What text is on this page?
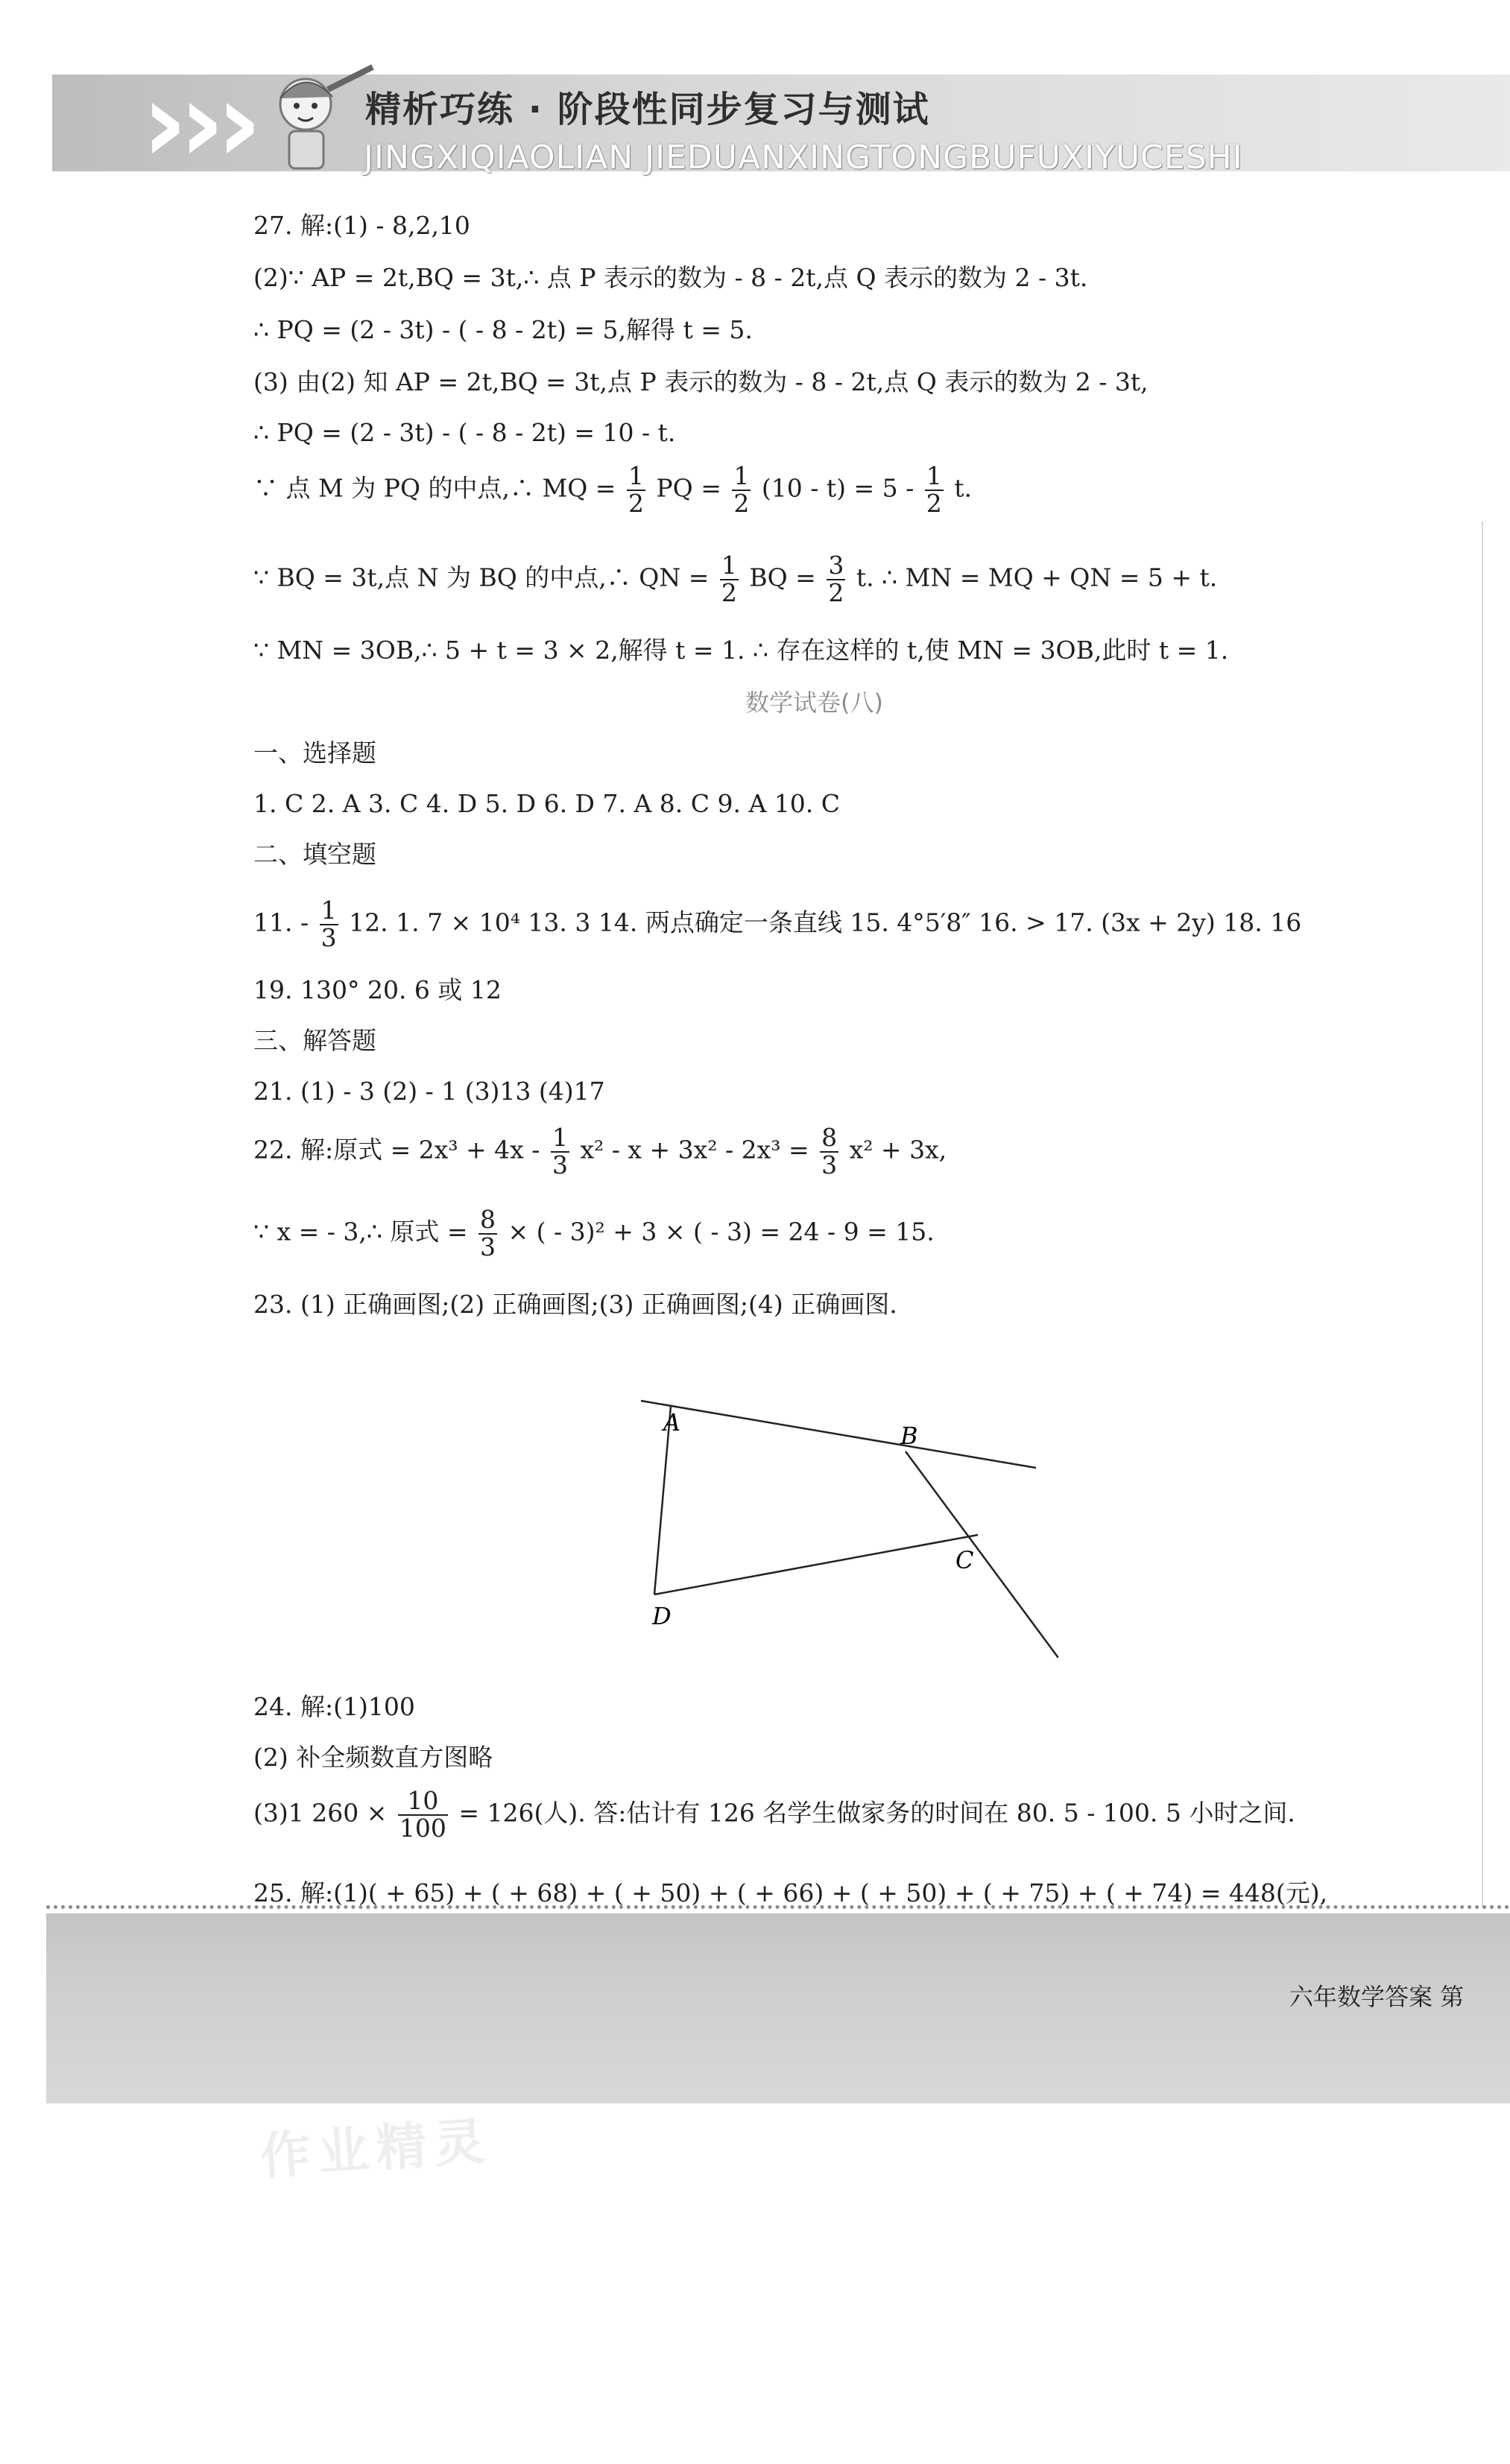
›
›
›	精析巧练 · 阶段性同步复习与测试
JINGXIQIAOLIAN JIEDUANXINGTONGBUFUXIYUCESHI
27. 解:(1) - 8,2,10
(2)∵ AP = 2t,BQ = 3t,∴ 点 P 表示的数为 - 8 - 2t,点 Q 表示的数为 2 - 3t.
∴ PQ = (2 - 3t) - ( - 8 - 2t) = 5,解得 t = 5.
(3) 由(2) 知 AP = 2t,BQ = 3t,点 P 表示的数为 - 8 - 2t,点 Q 表示的数为 2 - 3t,
∴ PQ = (2 - 3t) - ( - 8 - 2t) = 10 - t.
∵ 点 M 为 PQ 的中点,∴ MQ = $\frac{1}{2}$ PQ = $\frac{1}{2} (10 - t) = 5 - \frac{1}{2} t$.
∵ BQ = 3t,点 N 为 BQ 的中点,∴ QN = $\frac{1}{2}$ BQ = $\frac{3}{2} t$. ∴ MN = MQ + QN = 5 + t.
∵ MN = 3OB,∴ 5 + t = 3 × 2,解得 t = 1. ∴ 存在这样的 t,使 MN = 3OB,此时 t = 1.
数学试卷(八)
一、选择题
1. C 2. A 3. C 4. D 5. D 6. D 7. A 8. C 9. A 10. C
二、填空题
11. - $\frac{1}{3} 12$. 1. 7 × 10⁴ 13. 3 14. 两点确定一条直线 15. 4°5′8″ 16. > 17. (3x + 2y) 18. 16
19. 130° 20. 6 或 12
三、解答题
21. (1) - 3 (2) - 1 (3)13 (4)17
22. 解:原式 = $2x^3 + 4x - \frac{1}{3} x^2 - x + 3x^2 - 2x^3 = \frac{8}{3} x^2 + 3x$,
∵ x = - 3,∴ 原式 = $\frac{8}{3}$ × ( - 3)² + 3 × ( - 3) = 24 - 9 = 15.
23. (1) 正确画图;(2) 正确画图;(3) 正确画图;(4) 正确画图.
A	B
C
D
24. 解:(1)100
(2) 补全频数直方图略
(3)1 $260 \times \frac{10}{100} = 126$(人). 答:估计有 126 名学生做家务的时间在 80. 5 - 100. 5 小时之间.
25. 解:(1)( + 65) + ( + 68) + ( + 50) + ( + 66) + ( + 50) + ( + 75) + ( + 74) = 448(元),
六年数学答案 第
作业精灵
